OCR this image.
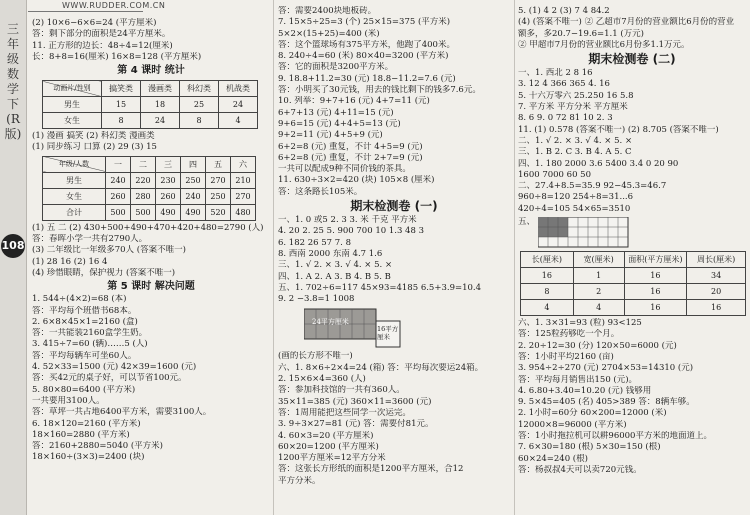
三年级数学下(R版)
108
WWW.RUDDER.COM.CN
(2) 10×6−6×6=24 (平方厘米)
答：剩下部分的面积是24平方厘米。
11. 正方形的边长：48÷4=12(厘米)
长：8+8=16(厘米) 16×8=128 (平方厘米)
第 4 课时 统计
动画片/性别	搞笑类	漫画类	科幻类	机战类
男生	15	18	25	24
女生	8	24	8	4
(1) 漫画 搞笑 (2) 科幻类 漫画类
(1) 同步练习 口算 (2) 29 (3) 15
年级/人数	一	二	三	四	五	六
男生	240	220	230	250	270	210
女生	260	280	260	240	250	270
合计	500	500	490	490	520	480
(1) 五 二 (2) 430+500+490+470+420+480=2790 (人)
答：春晖小学一共有2790人。
(3) 二年级比一年级多70人 (答案不唯一)
(1) 28 16 (2) 16 4
(4) 珍惜眼睛，保护视力 (答案不唯一)
第 5 课时 解决问题
1. 544÷(4×2)=68 (本)
答：平均每个班借书68本。
2. 6×8×45×1=2160 (盒)
答：一共能装2160盒学生奶。
3. 415÷7=60 (辆)……5 (人)
答：平均每辆车可坐60人。
4. 52×33=1500 (元) 42×39=1600 (元)
答：买42元的桌子好，可以节省100元。
5. 80×80=6400 (平方米)
一共要用3100人。
答：草坪一共占地6400平方米，需要3100人。
6. 18×120=2160 (平方米)
18×160=2880 (平方米)
答：2160+2880=5040 (平方米)
18×160÷(3×3)=2400 (块)
答：需要2400块地板砖。
7. 15×5÷25=3 (个) 25×15=375 (平方米)
5×2×(15+25)=400 (米)
答：这个篮球场有375平方米，他跑了400米。
8. 240÷4=60 (米) 80×40=3200 (平方米)
答：它的面积是3200平方米。
9. 18.8+11.2=30 (元) 18.8−11.2=7.6 (元)
答：小明买了30元钱，用去的钱比剩下的钱多7.6元。
10. 列举：9+7+16 (元) 4+7=11 (元)
6+7+13 (元) 4+11=15 (元)
9+6=15 (元) 4+4+5=13 (元)
9+2=11 (元) 4+5+9 (元)
6+2=8 (元) 重复，不计 4+5=9 (元)
6+2=8 (元) 重复，不计 2+7=9 (元)
一共可以配成9种不同价钱的茶具。
11. 630÷3×2=420 (块) 105×8 (厘米)
答：这条路长105米。
期末检测卷 (一)
一、1. 0 或5 2. 3 3. 米 千克 平方米
4. 20 2. 25 5. 900 700 10 1.3 48 3
6. 182 26 57 7. 8
8. 西南 2000 东南 4.7 1.6
三、1. √ 2. × 3. √ 4. × 5. ×
四、1. A 2. A 3. B 4. B 5. B
五、1. 702÷6=117 45×93=4185 6.5+3.9=10.4
9. 2 −3.8=1 1008
24平方厘米
16平方厘米
(画的长方形不唯一)
六、1. 8×6÷2×4=24 (箱) 答：平均每次要运24箱。
2. 15×6×4=360 (人)
答：参加科技馆的一共有360人。
35×11=385 (元) 360×11=3600 (元)
答：1周用能把这些同学一次运完。
3. 9÷3×27=81 (元) 答：需要付81元。
4. 60×3=20 (平方厘米)
60×20=1200 (平方厘米)
1200平方厘米=12平方分米
答：这张长方形纸的面积是1200平方厘米，合12
平方分米。
5. (1) 4 2 (3) 7 4 84.2
(4) (答案不唯一) ② 乙超市7月份的营业额比6月份的营业
额多，多20.7−19.6=1.1 (万元)
② 甲超市7月份的营业额比6月份多1.1万元。
期末检测卷 (二)
一、1. 西北 2 8 16
3. 12 4 366 365 4. 16
5. 十六万零六 25.250 16 5.8
7. 平方米 平方分米 平方厘米
8. 6 9. 0 72 81 10 2. 3
11. (1) 0.578 (答案不唯一) (2) 8.705 (答案不唯一)
二、1. √ 2. × 3. √ 4. × 5. ×
三、1. B 2. C 3. B 4. A 5. C
四、1. 180 2000 3.6 5400 3.4 0 20 90
1600 7000 60 50
二、27.4+8.5=35.9 92−45.3=46.7
960÷8=120 254÷8=31...6
420÷4=105 54×65=3510
五、
长(厘米)	宽(厘米)	面积(平方厘米)	周长(厘米)
16	1	16	34
8	2	16	20
4	4	16	16
六、1. 3×31=93 (粒) 93<125
答：125粒药够吃一个月。
2. 20÷12=30 (分) 120×50=6000 (元)
答：1小时平均2160 (亩)
3. 954÷2÷270 (元) 2704×53=14310 (元)
答：平均每月销售出150 (元)。
4. 6.80+3.40=10.20 (元) 钱够用
9. 5×45=405 (名) 405>389 答：8辆车够。
2. 1小时=60分 60×200=12000 (米)
12000×8=96000 (平方米)
答：1小时拖拉机可以耕96000平方米的地面道上。
7. 6×30=180 (根) 5×30=150 (根)
60×24=240 (根)
答：杨叔叔4天可以卖720元钱。
